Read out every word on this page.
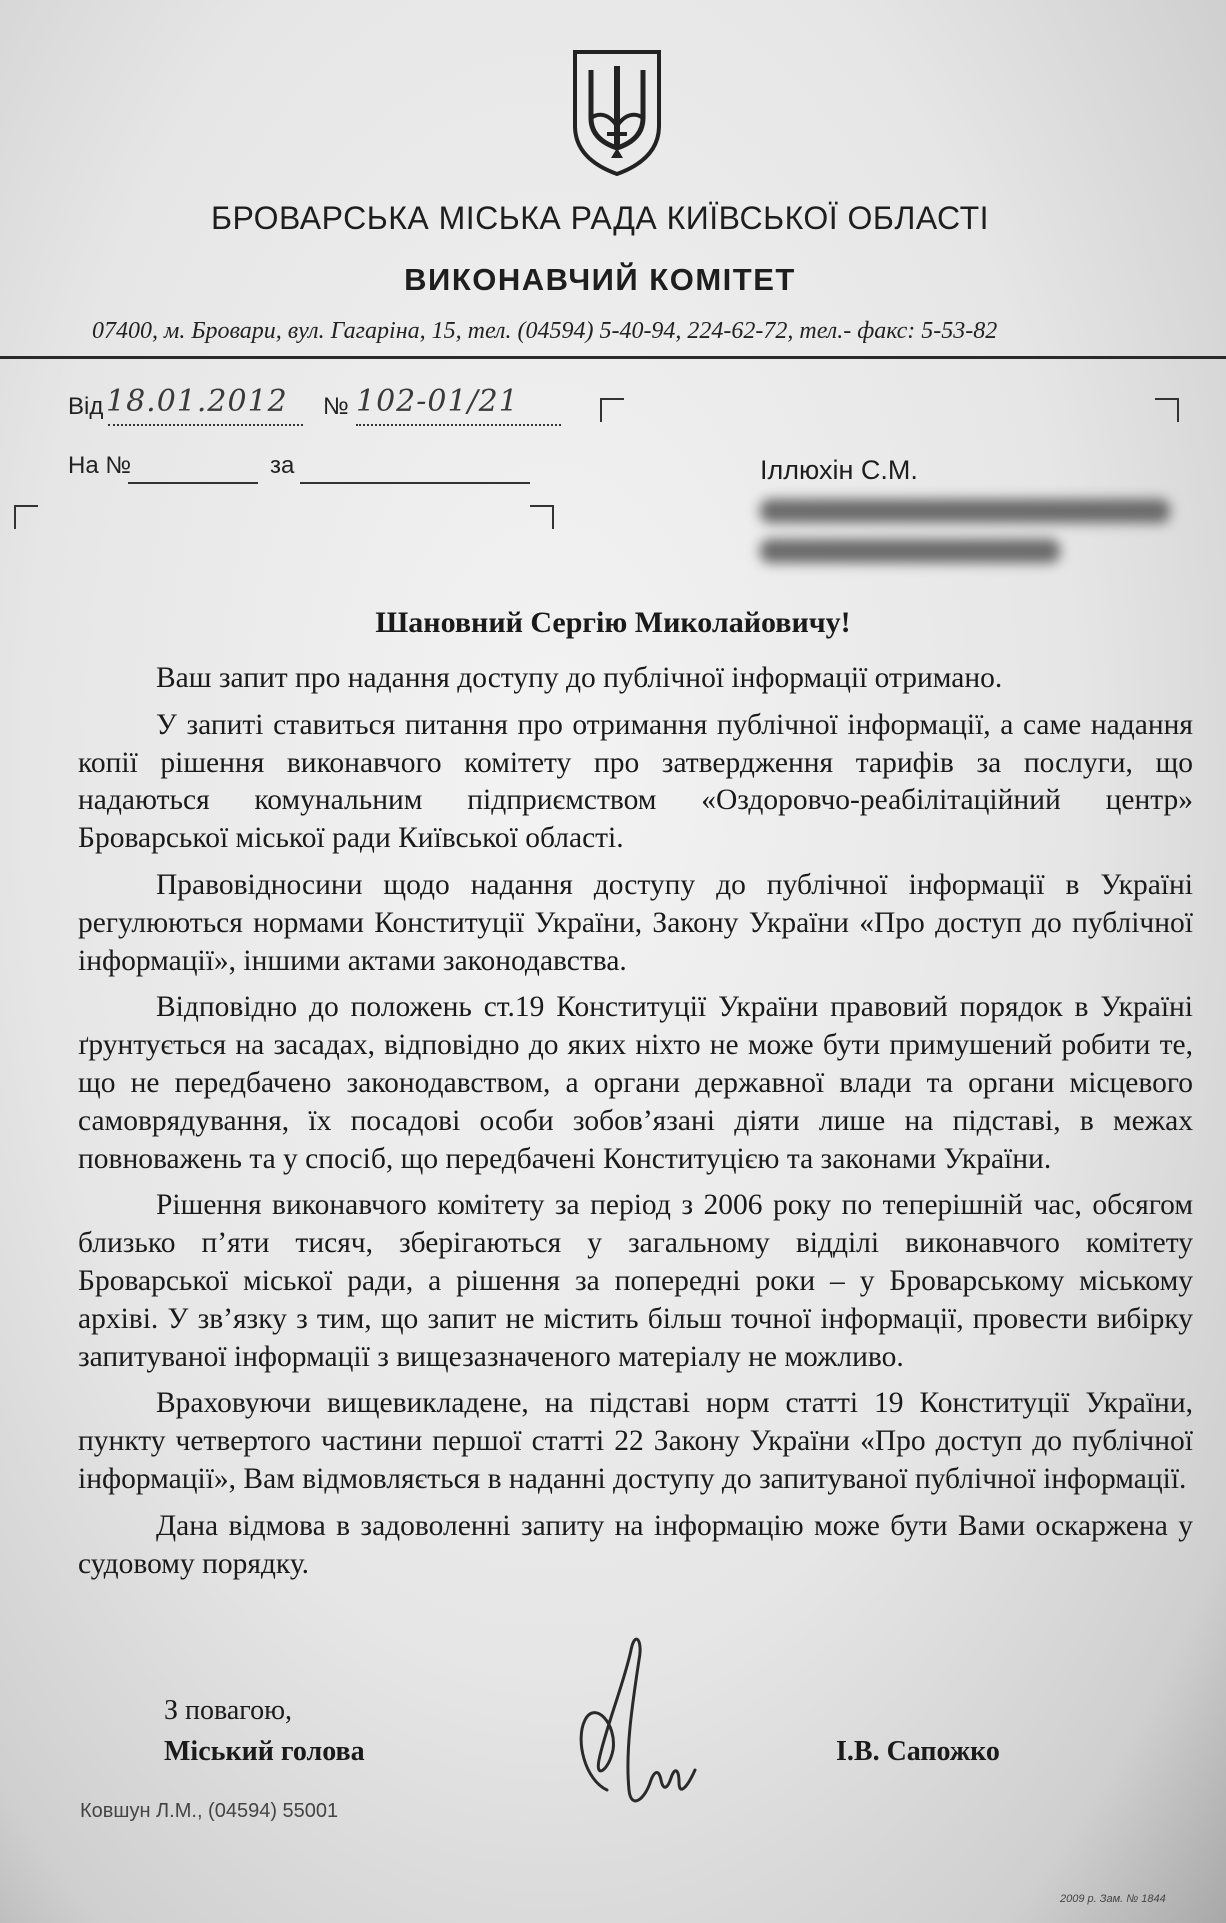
БРОВАРСЬКА МІСЬКА РАДА КИЇВСЬКОЇ ОБЛАСТІ
ВИКОНАВЧИЙ КОМІТЕТ
07400, м. Бровари, вул. Гагаріна, 15, тел. (04594) 5-40-94, 224-62-72, тел.- факс: 5-53-82
Від 18.01.2012 № 102-01/21
На №	за	Іллюхін С.М.
Шановний Сергію Миколайовичу!

Ваш запит про надання доступу до публічної інформації отримано.

У запиті ставиться питання про отримання публічної інформації, а саме надання копії рішення виконавчого комітету про затвердження тарифів за послуги, що надаються комунальним підприємством «Оздоровчо-реабілітаційний центр» Броварської міської ради Київської області.

Правовідносини щодо надання доступу до публічної інформації в Україні регулюються нормами Конституції України, Закону України «Про доступ до публічної інформації», іншими актами законодавства.

Відповідно до положень ст.19 Конституції України правовий порядок в Україні ґрунтується на засадах, відповідно до яких ніхто не може бути примушений робити те, що не передбачено законодавством, а органи державної влади та органи місцевого самоврядування, їх посадові особи зобов’язані діяти лише на підставі, в межах повноважень та у спосіб, що передбачені Конституцією та законами України.

Рішення виконавчого комітету за період з 2006 року по теперішній час, обсягом близько п’яти тисяч, зберігаються у загальному відділі виконавчого комітету Броварської міської ради, а рішення за попередні роки – у Броварському міському архіві. У зв’язку з тим, що запит не містить більш точної інформації, провести вибірку запитуваної інформації з вищезазначеного матеріалу не можливо.

Враховуючи вищевикладене, на підставі норм статті 19 Конституції України, пункту четвертого частини першої статті 22 Закону України «Про доступ до публічної інформації», Вам відмовляється в наданні доступу до запитуваної публічної інформації.

Дана відмова в задоволенні запиту на інформацію може бути Вами оскаржена у судовому порядку.

З повагою,
Міський голова	І.В. Сапожко
Ковшун Л.М., (04594) 55001
2009 р. Зам. № 1844
